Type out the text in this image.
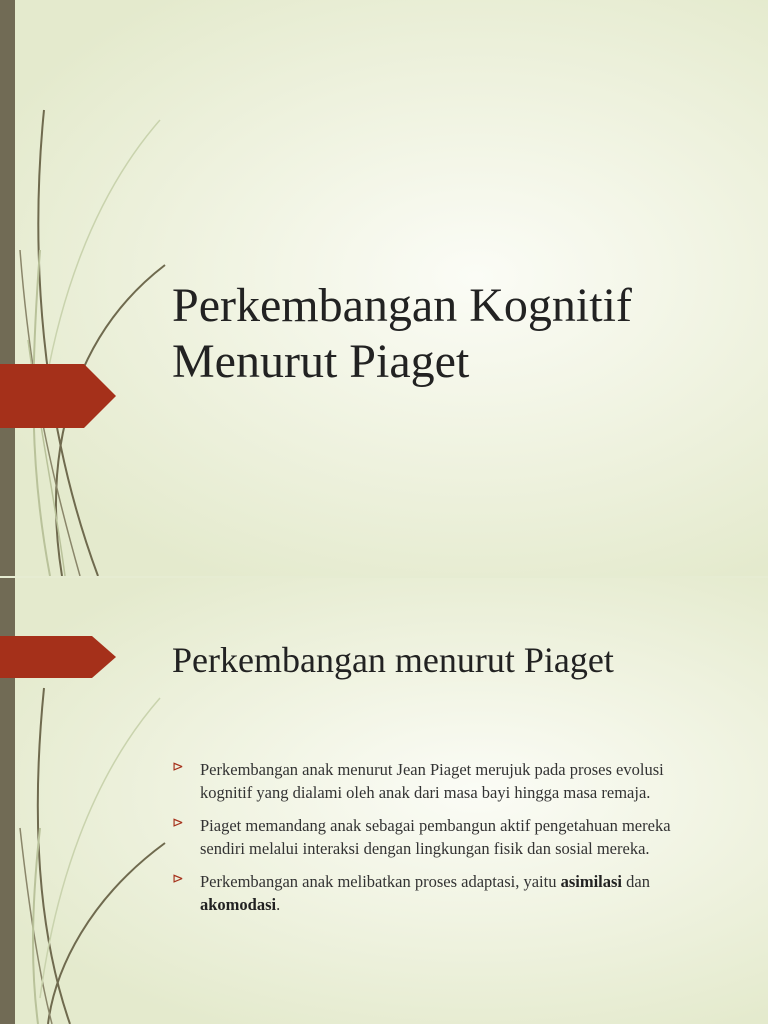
Perkembangan Kognitif Menurut Piaget
Perkembangan menurut Piaget
⊳ Perkembangan anak menurut Jean Piaget merujuk pada proses evolusi kognitif yang dialami oleh anak dari masa bayi hingga masa remaja.
⊳ Piaget memandang anak sebagai pembangun aktif pengetahuan mereka sendiri melalui interaksi dengan lingkungan fisik dan sosial mereka.
⊳ Perkembangan anak melibatkan proses adaptasi, yaitu asimilasi dan akomodasi.
